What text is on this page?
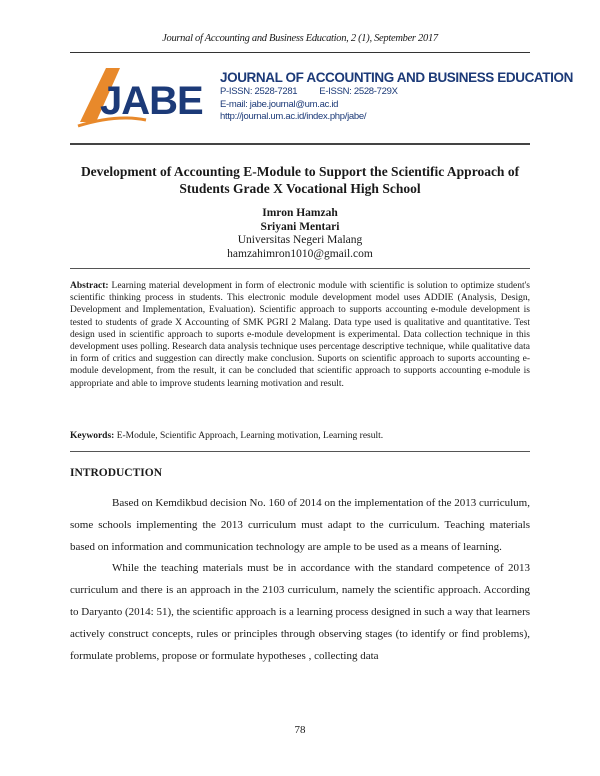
Journal of Accounting and Business Education, 2 (1), September 2017
JABE
JOURNAL OF ACCOUNTING AND BUSINESS EDUCATION
P-ISSN: 2528-7281 E-ISSN: 2528-729X
E-mail: jabe.journal@um.ac.id
http://journal.um.ac.id/index.php/jabe/
Development of Accounting E-Module to Support the Scientific Approach of Students Grade X Vocational High School
Imron Hamzah
Sriyani Mentari
Universitas Negeri Malang
hamzahimron1010@gmail.com
Abstract: Learning material development in form of electronic module with scientific is solution to optimize student's scientific thinking process in students. This electronic module development model uses ADDIE (Analysis, Design, Development and Implementation, Evaluation). Scientific approach to supports accounting e-module development is tested to students of grade X Accounting of SMK PGRI 2 Malang. Data type used is qualitative and quantitative. Test design used in scientific approach to suports e-module development is experimental. Data collection technique in this development uses polling. Research data analysis technique uses percentage descriptive technique, while qualitative data in form of critics and suggestion can directly make conclusion. Suports on scientific approach to suports accounting e-module development, from the result, it can be concluded that scientific approach to supports accounting e-module is appropriate and able to improve students learning motivation and result.
Keywords: E-Module, Scientific Approach, Learning motivation, Learning result.
INTRODUCTION

Based on Kemdikbud decision No. 160 of 2014 on the implementation of the 2013 curriculum, some schools implementing the 2013 curriculum must adapt to the curriculum. Teaching materials based on information and communication technology are ample to be used as a means of learning.

While the teaching materials must be in accordance with the standard competence of 2013 curriculum and there is an approach in the 2103 curriculum, namely the scientific approach. According to Daryanto (2014: 51), the scientific approach is a learning process designed in such a way that learners actively construct concepts, rules or principles through observing stages (to identify or find problems), formulate problems, propose or formulate hypotheses , collecting data

78
